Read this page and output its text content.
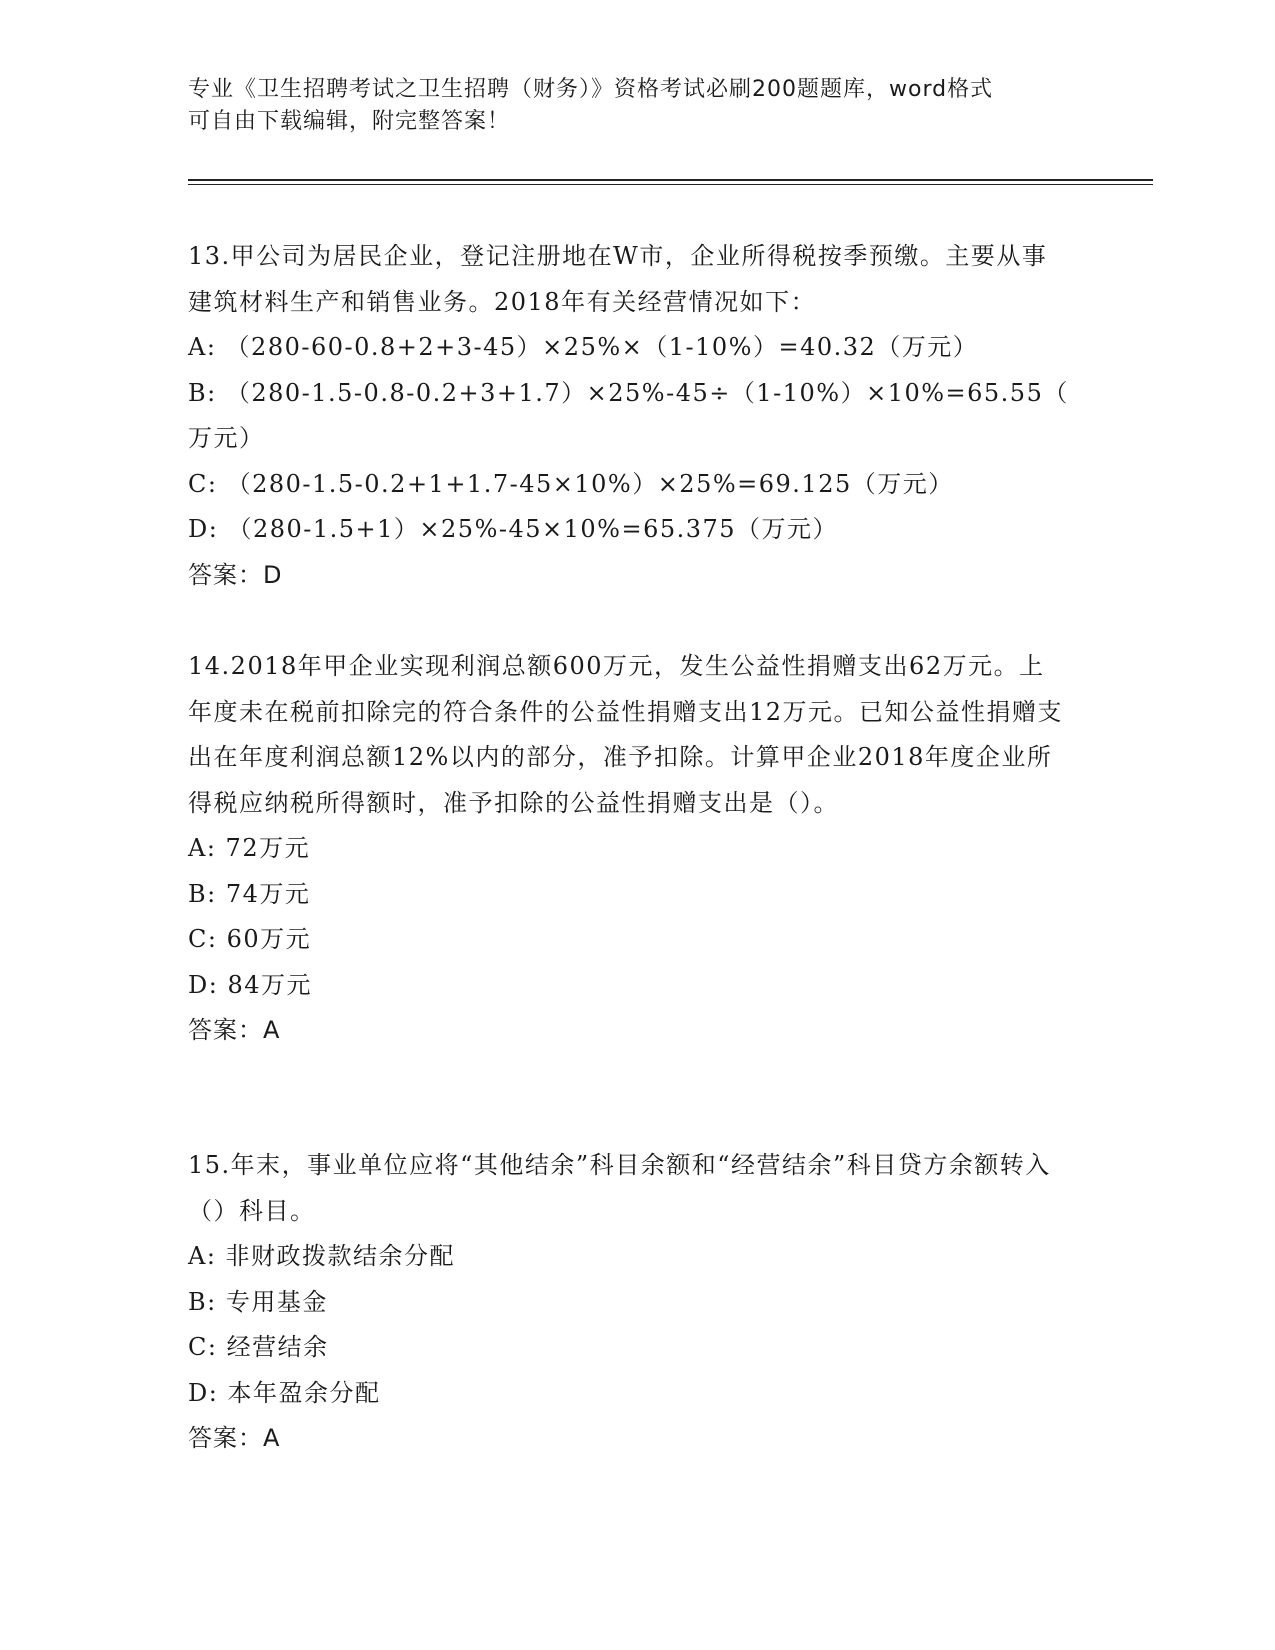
专业《卫生招聘考试之卫生招聘（财务）》资格考试必刷200题题库，word格式

可自由下载编辑，附完整答案！

13.甲公司为居民企业，登记注册地在W市，企业所得税按季预缴。主要从事建筑材料生产和销售业务。2018年有关经营情况如下：
A: （280-60-0.8+2+3-45）×25%×（1-10%）=40.32（万元）
B: （280-1.5-0.8-0.2+3+1.7）×25%-45÷（1-10%）×10%=65.55（
万元）
C: （280-1.5-0.2+1+1.7-45×10%）×25%=69.125（万元）
D: （280-1.5+1）×25%-45×10%=65.375（万元）
答案：D
14.2018年甲企业实现利润总额600万元，发生公益性捐赠支出62万元。上年度未在税前扣除完的符合条件的公益性捐赠支出12万元。已知公益性捐赠支出在年度利润总额12%以内的部分，准予扣除。计算甲企业2018年度企业所得税应纳税所得额时，准予扣除的公益性捐赠支出是（）。
A: 72万元
B: 74万元
C: 60万元
D: 84万元
答案：A
15.年末，事业单位应将“其他结余”科目余额和“经营结余”科目贷方余额转入（）科目。
A: 非财政拨款结余分配
B: 专用基金
C: 经营结余
D: 本年盈余分配
答案：A
